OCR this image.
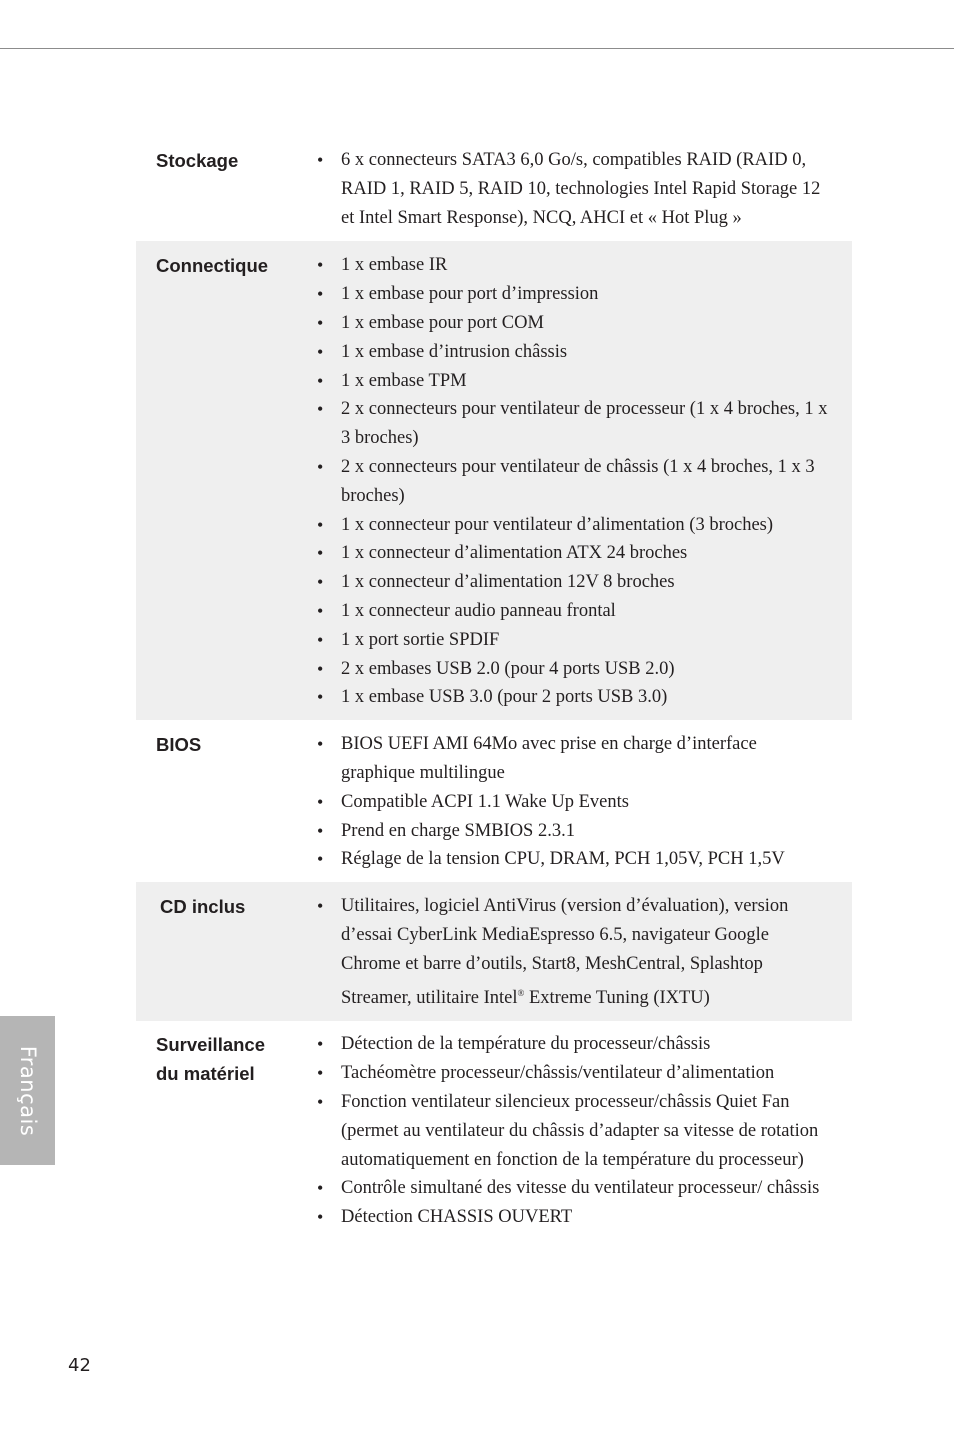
Stockage	• 6 x connecteurs SATA3 6,0 Go/s, compatibles RAID (RAID 0, RAID 1, RAID 5, RAID 10, technologies Intel Rapid Storage 12 et Intel Smart Response), NCQ, AHCI et « Hot Plug »
Connectique	• 1 x embase IR
• 1 x embase pour port d’impression
• 1 x embase pour port COM
• 1 x embase d’intrusion châssis
• 1 x embase TPM
• 2 x connecteurs pour ventilateur de processeur (1 x 4 broches, 1 x 3 broches)
• 2 x connecteurs pour ventilateur de châssis (1 x 4 broches, 1 x 3 broches)
• 1 x connecteur pour ventilateur d’alimentation (3 broches)
• 1 x connecteur d’alimentation ATX 24 broches
• 1 x connecteur d’alimentation 12V 8 broches
• 1 x connecteur audio panneau frontal
• 1 x port sortie SPDIF
• 2 x embases USB 2.0 (pour 4 ports USB 2.0)
• 1 x embase USB 3.0 (pour 2 ports USB 3.0)
BIOS	• BIOS UEFI AMI 64Mo avec prise en charge d’interface graphique multilingue
• Compatible ACPI 1.1 Wake Up Events
• Prend en charge SMBIOS 2.3.1
• Réglage de la tension CPU, DRAM, PCH 1,05V, PCH 1,5V
CD inclus	• Utilitaires, logiciel AntiVirus (version d’évaluation), version d’essai CyberLink MediaEspresso 6.5, navigateur Google Chrome et barre d’outils, Start8, MeshCentral, Splashtop Streamer, utilitaire Intel® Extreme Tuning (IXTU)
Surveillance
du matériel
• Détection de la température du processeur/châssis
• Tachéomètre processeur/châssis/ventilateur d’alimentation
• Fonction ventilateur silencieux processeur/châssis Quiet Fan (permet au ventilateur du châssis d’adapter sa vitesse de rotation automatiquement en fonction de la température du processeur)
• Contrôle simultané des vitesse du ventilateur processeur/ châssis
• Détection CHASSIS OUVERT
Français
42
